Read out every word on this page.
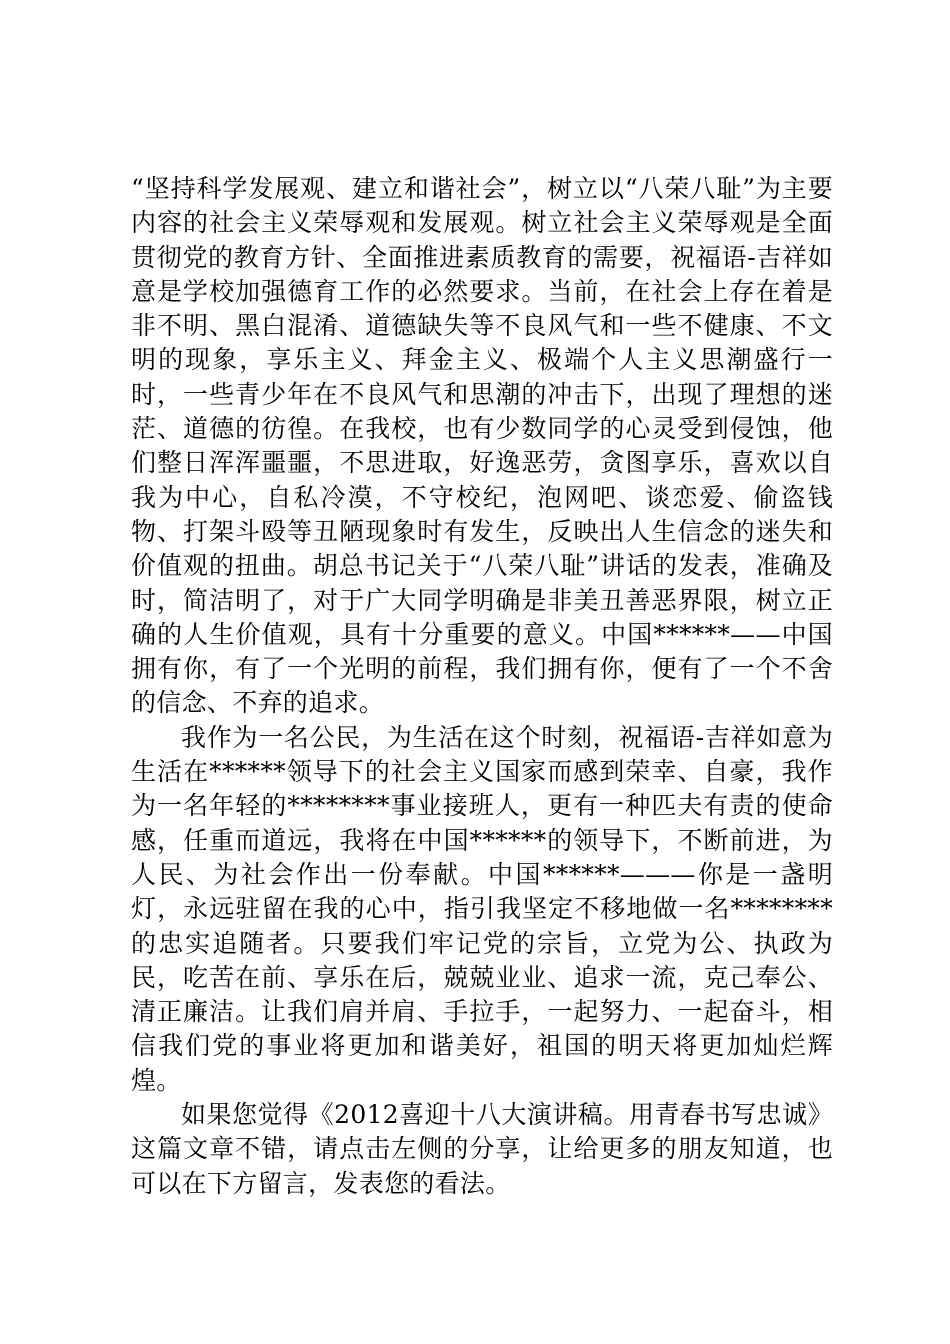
“坚持科学发展观、建立和谐社会”，树立以“八荣八耻”为主要内容的社会主义荣辱观和发展观。树立社会主义荣辱观是全面贯彻党的教育方针、全面推进素质教育的需要，祝福语-吉祥如意是学校加强德育工作的必然要求。当前，在社会上存在着是非不明、黑白混淆、道德缺失等不良风气和一些不健康、不文明的现象，享乐主义、拜金主义、极端个人主义思潮盛行一时，一些青少年在不良风气和思潮的冲击下，出现了理想的迷茫、道德的彷徨。在我校，也有少数同学的心灵受到侵蚀，他们整日浑浑噩噩，不思进取，好逸恶劳，贪图享乐，喜欢以自我为中心，自私冷漠，不守校纪，泡网吧、谈恋爱、偷盗钱物、打架斗殴等丑陋现象时有发生，反映出人生信念的迷失和价值观的扭曲。胡总书记关于“八荣八耻”讲话的发表，准确及时，简洁明了，对于广大同学明确是非美丑善恶界限，树立正确的人生价值观，具有十分重要的意义。中国******——中国拥有你，有了一个光明的前程，我们拥有你，便有了一个不舍的信念、不弃的追求。

我作为一名公民，为生活在这个时刻，祝福语-吉祥如意为生活在******领导下的社会主义国家而感到荣幸、自豪，我作为一名年轻的********事业接班人，更有一种匹夫有责的使命感，任重而道远，我将在中国******的领导下，不断前进，为人民、为社会作出一份奉献。中国******———你是一盏明灯，永远驻留在我的心中，指引我坚定不移地做一名********的忠实追随者。只要我们牢记党的宗旨，立党为公、执政为民，吃苦在前、享乐在后，兢兢业业、追求一流，克己奉公、清正廉洁。让我们肩并肩、手拉手，一起努力、一起奋斗，相信我们党的事业将更加和谐美好，祖国的明天将更加灿烂辉煌。

如果您觉得《2012喜迎十八大演讲稿。用青春书写忠诚》这篇文章不错，请点击左侧的分享，让给更多的朋友知道，也可以在下方留言，发表您的看法。
